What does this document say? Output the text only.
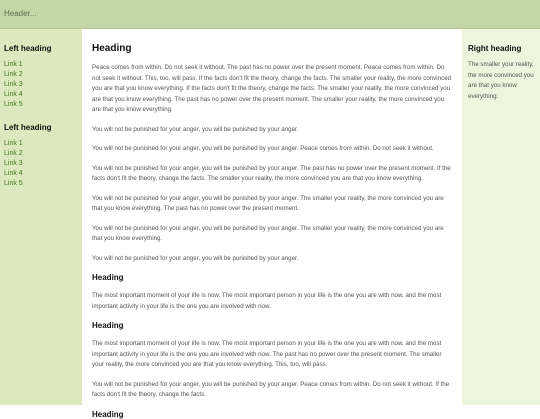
Header...
Left heading
Link 1
Link 2
Link 3
Link 4
Link 5
Left heading
Link 1
Link 2
Link 3
Link 4
Link 5
Heading

Peace comes from within. Do not seek it without. The past has no power over the present moment. Peace comes from within. Do not seek it without. This, too, will pass. If the facts don't fit the theory, change the facts. The smaller your reality, the more convinced you are that you know everything. If the facts don't fit the theory, change the facts. The smaller your reality, the more convinced you are that you know everything. The past has no power over the present moment. The smaller your reality, the more convinced you are that you know everything.

You will not be punished for your anger, you will be punished by your anger.

You will not be punished for your anger, you will be punished by your anger. Peace comes from within. Do not seek it without.

You will not be punished for your anger, you will be punished by your anger. The past has no power over the present moment. If the facts don't fit the theory, change the facts. The smaller your reality, the more convinced you are that you know everything.

You will not be punished for your anger, you will be punished by your anger. The smaller your reality, the more convinced you are that you know everything. The past has no power over the present moment.

You will not be punished for your anger, you will be punished by your anger. The smaller your reality, the more convinced you are that you know everything.

You will not be punished for your anger, you will be punished by your anger.

Heading

The most important moment of your life is now. The most important person in your life is the one you are with now, and the most important activity in your life is the one you are involved with now.

Heading

The most important moment of your life is now. The most important person in your life is the one you are with now, and the most important activity in your life is the one you are involved with now. The past has no power over the present moment. The smaller your reality, the more convinced you are that you know everything. This, too, will pass.

You will not be punished for your anger, you will be punished by your anger. Peace comes from within. Do not seek it without. If the facts don't fit the theory, change the facts.

Heading
Right heading

The smaller your reality, the more convinced you are that you know everything.
